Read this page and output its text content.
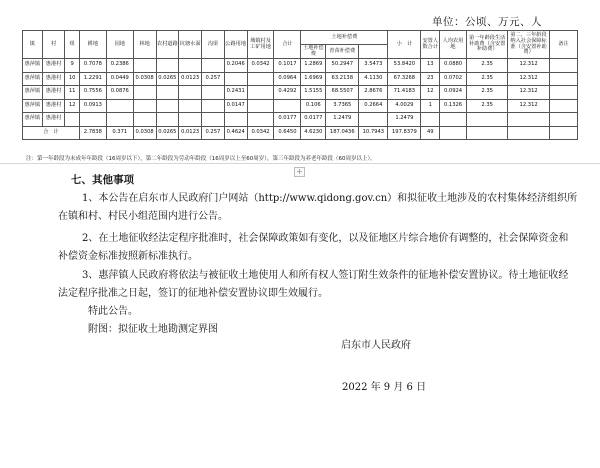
单位：公顷、万元、人
镇	村	组	耕地	园地	林地	农村道路	坑塘水面	沟渠	公路用地	城镇村及工矿用地	合计	土地补偿费			小　计	安置人数合计	人均农用地	第一年龄段生活补助费（含安置补助费）	第二、三年龄段纳入社会保障标准（含安置补助费）	备注
												土地补偿费	青苗补偿费							
惠萍镇	惠港村	9	0.7078	0.2386					0.2046	0.0342	0.1017	1.2869	50.2947	3.5473	53.8420	13	0.0880	2.35	12.312	
惠萍镇	惠港村	10	1.2291	0.0449	0.0308	0.0265	0.0123	0.257			0.0964	1.6969	63.2138	4.1130	67.3268	23	0.0702	2.35	12.312	
惠萍镇	惠港村	11	0.7556	0.0876					0.2431		0.4292	1.5155	68.5507	2.8676	71.4183	12	0.0924	2.35	12.312	
惠萍镇	惠港村	12	0.0913						0.0147			0.106	3.7365	0.2664	4.0029	1	0.1326	2.35	12.312	
惠萍镇	惠港村										0.0177	0.0177	1.2479		1.2479					
合　计			2.7838	0.371	0.0308	0.0265	0.0123	0.257	0.4624	0.0342	0.6450	4.6230	187.0436	10.7943	197.8379	49				
注：第一年龄段为未成年年龄段（16周岁以下），第二年龄段为劳动年龄段（16周岁以上至60周岁），第三年龄段为养老年龄段（60周岁以上）。
+
七、其他事项
1、本公告在启东市人民政府门户网站（http://www.qidong.gov.cn）和拟征收土地涉及的农村集体经济组织所在镇和村、村民小组范围内进行公告。
2、在土地征收经法定程序批准时，社会保障政策如有变化，以及征地区片综合地价有调整的，社会保障资金和补偿资金标准按照新标准执行。
3、惠萍镇人民政府将依法与被征收土地使用人和所有权人签订附生效条件的征地补偿安置协议。待土地征收经法定程序批准之日起，签订的征地补偿安置协议即生效履行。
特此公告。
附图：拟征收土地勘测定界图
启东市人民政府
2022 年 9 月 6 日
